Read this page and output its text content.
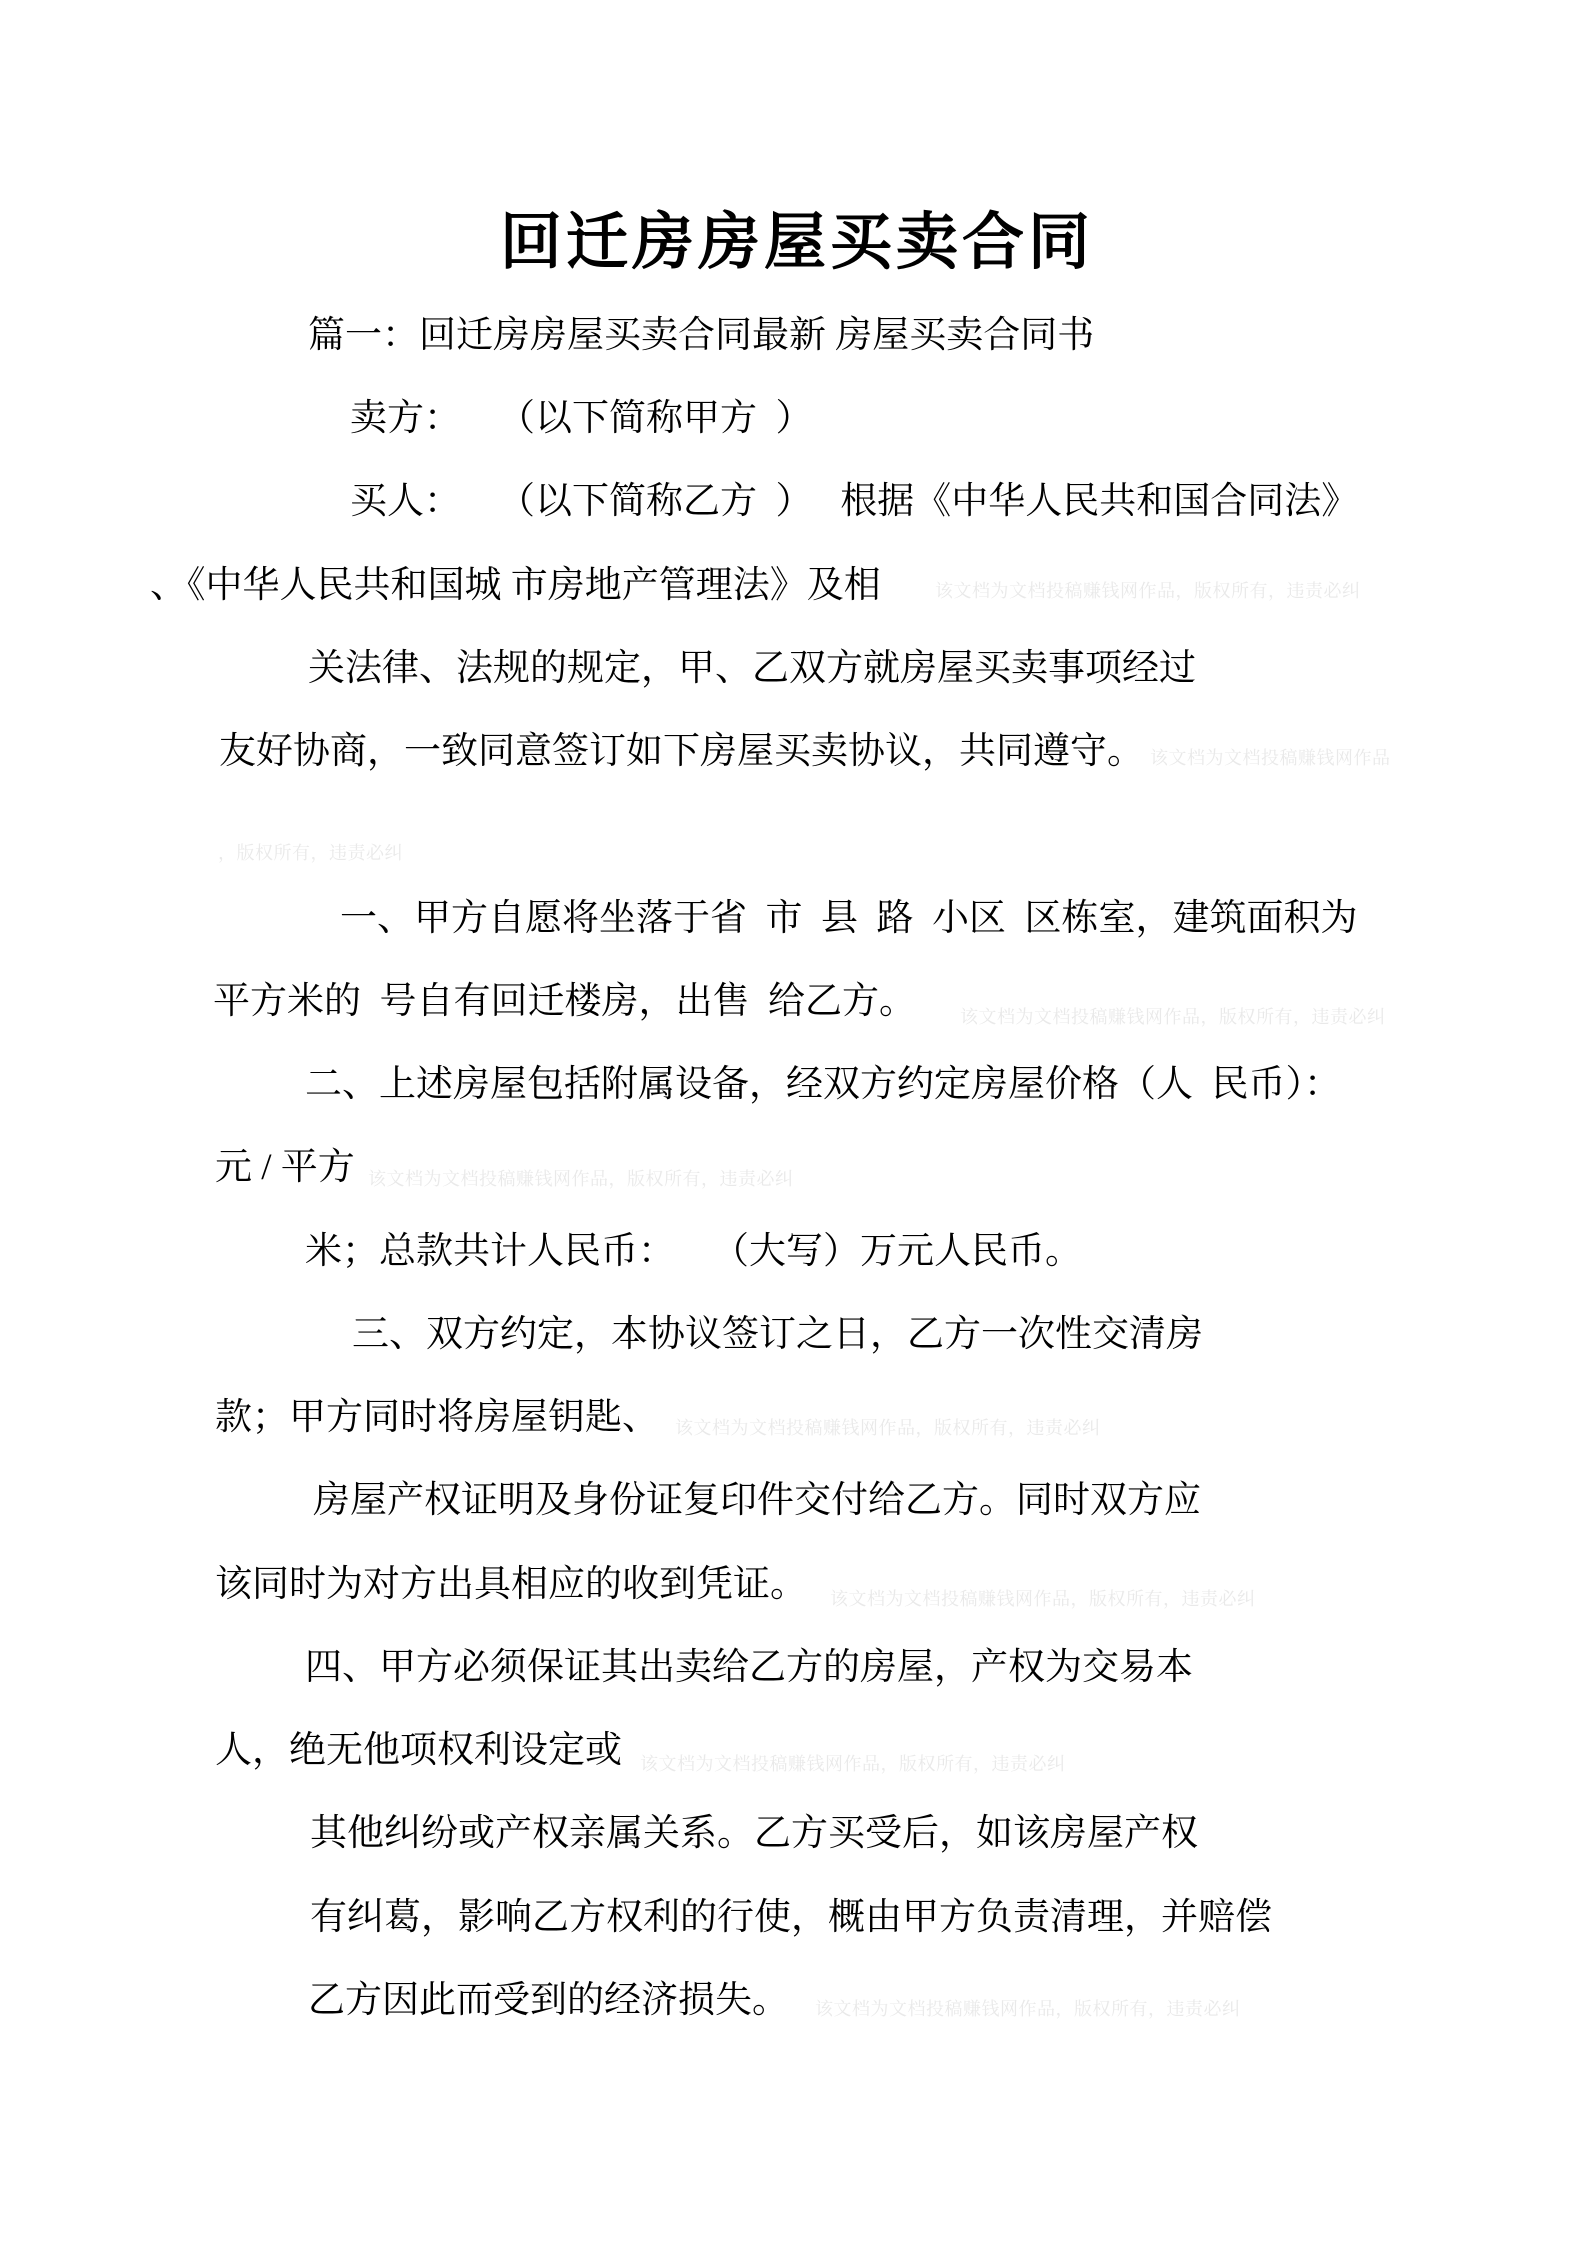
回迁房房屋买卖合同

篇一：回迁房房屋买卖合同最新 房屋买卖合同书

卖方：    （以下简称甲方  ）

买人：    （以下简称乙方  ）   根据《中华人民共和国合同法》

、《中华人民共和国城 市房地产管理法》及相

关法律、法规的规定，甲、乙双方就房屋买卖事项经过

友好协商，一致同意签订如下房屋买卖协议，共同遵守。

一、甲方自愿将坐落于省  市  县  路  小区  区栋室，建筑面积为

平方米的  号自有回迁楼房，出售  给乙方。

二、上述房屋包括附属设备，经双方约定房屋价格（人  民币）：

元 / 平方

米；总款共计人民币：    （大写）万元人民币。

三、双方约定，本协议签订之日，乙方一次性交清房

款；甲方同时将房屋钥匙、

房屋产权证明及身份证复印件交付给乙方。同时双方应

该同时为对方出具相应的收到凭证。

四、甲方必须保证其出卖给乙方的房屋，产权为交易本

人，绝无他项权利设定或

其他纠纷或产权亲属关系。乙方买受后，如该房屋产权

有纠葛，影响乙方权利的行使，概由甲方负责清理，并赔偿

乙方因此而受到的经济损失。

该文档为文档投稿赚钱网作品，版权所有，违责必纠
该文档为文档投稿赚钱网作品
，版权所有，违责必纠
该文档为文档投稿赚钱网作品，版权所有，违责必纠
该文档为文档投稿赚钱网作品，版权所有，违责必纠
该文档为文档投稿赚钱网作品，版权所有，违责必纠
该文档为文档投稿赚钱网作品，版权所有，违责必纠
该文档为文档投稿赚钱网作品，版权所有，违责必纠
该文档为文档投稿赚钱网作品，版权所有，违责必纠
